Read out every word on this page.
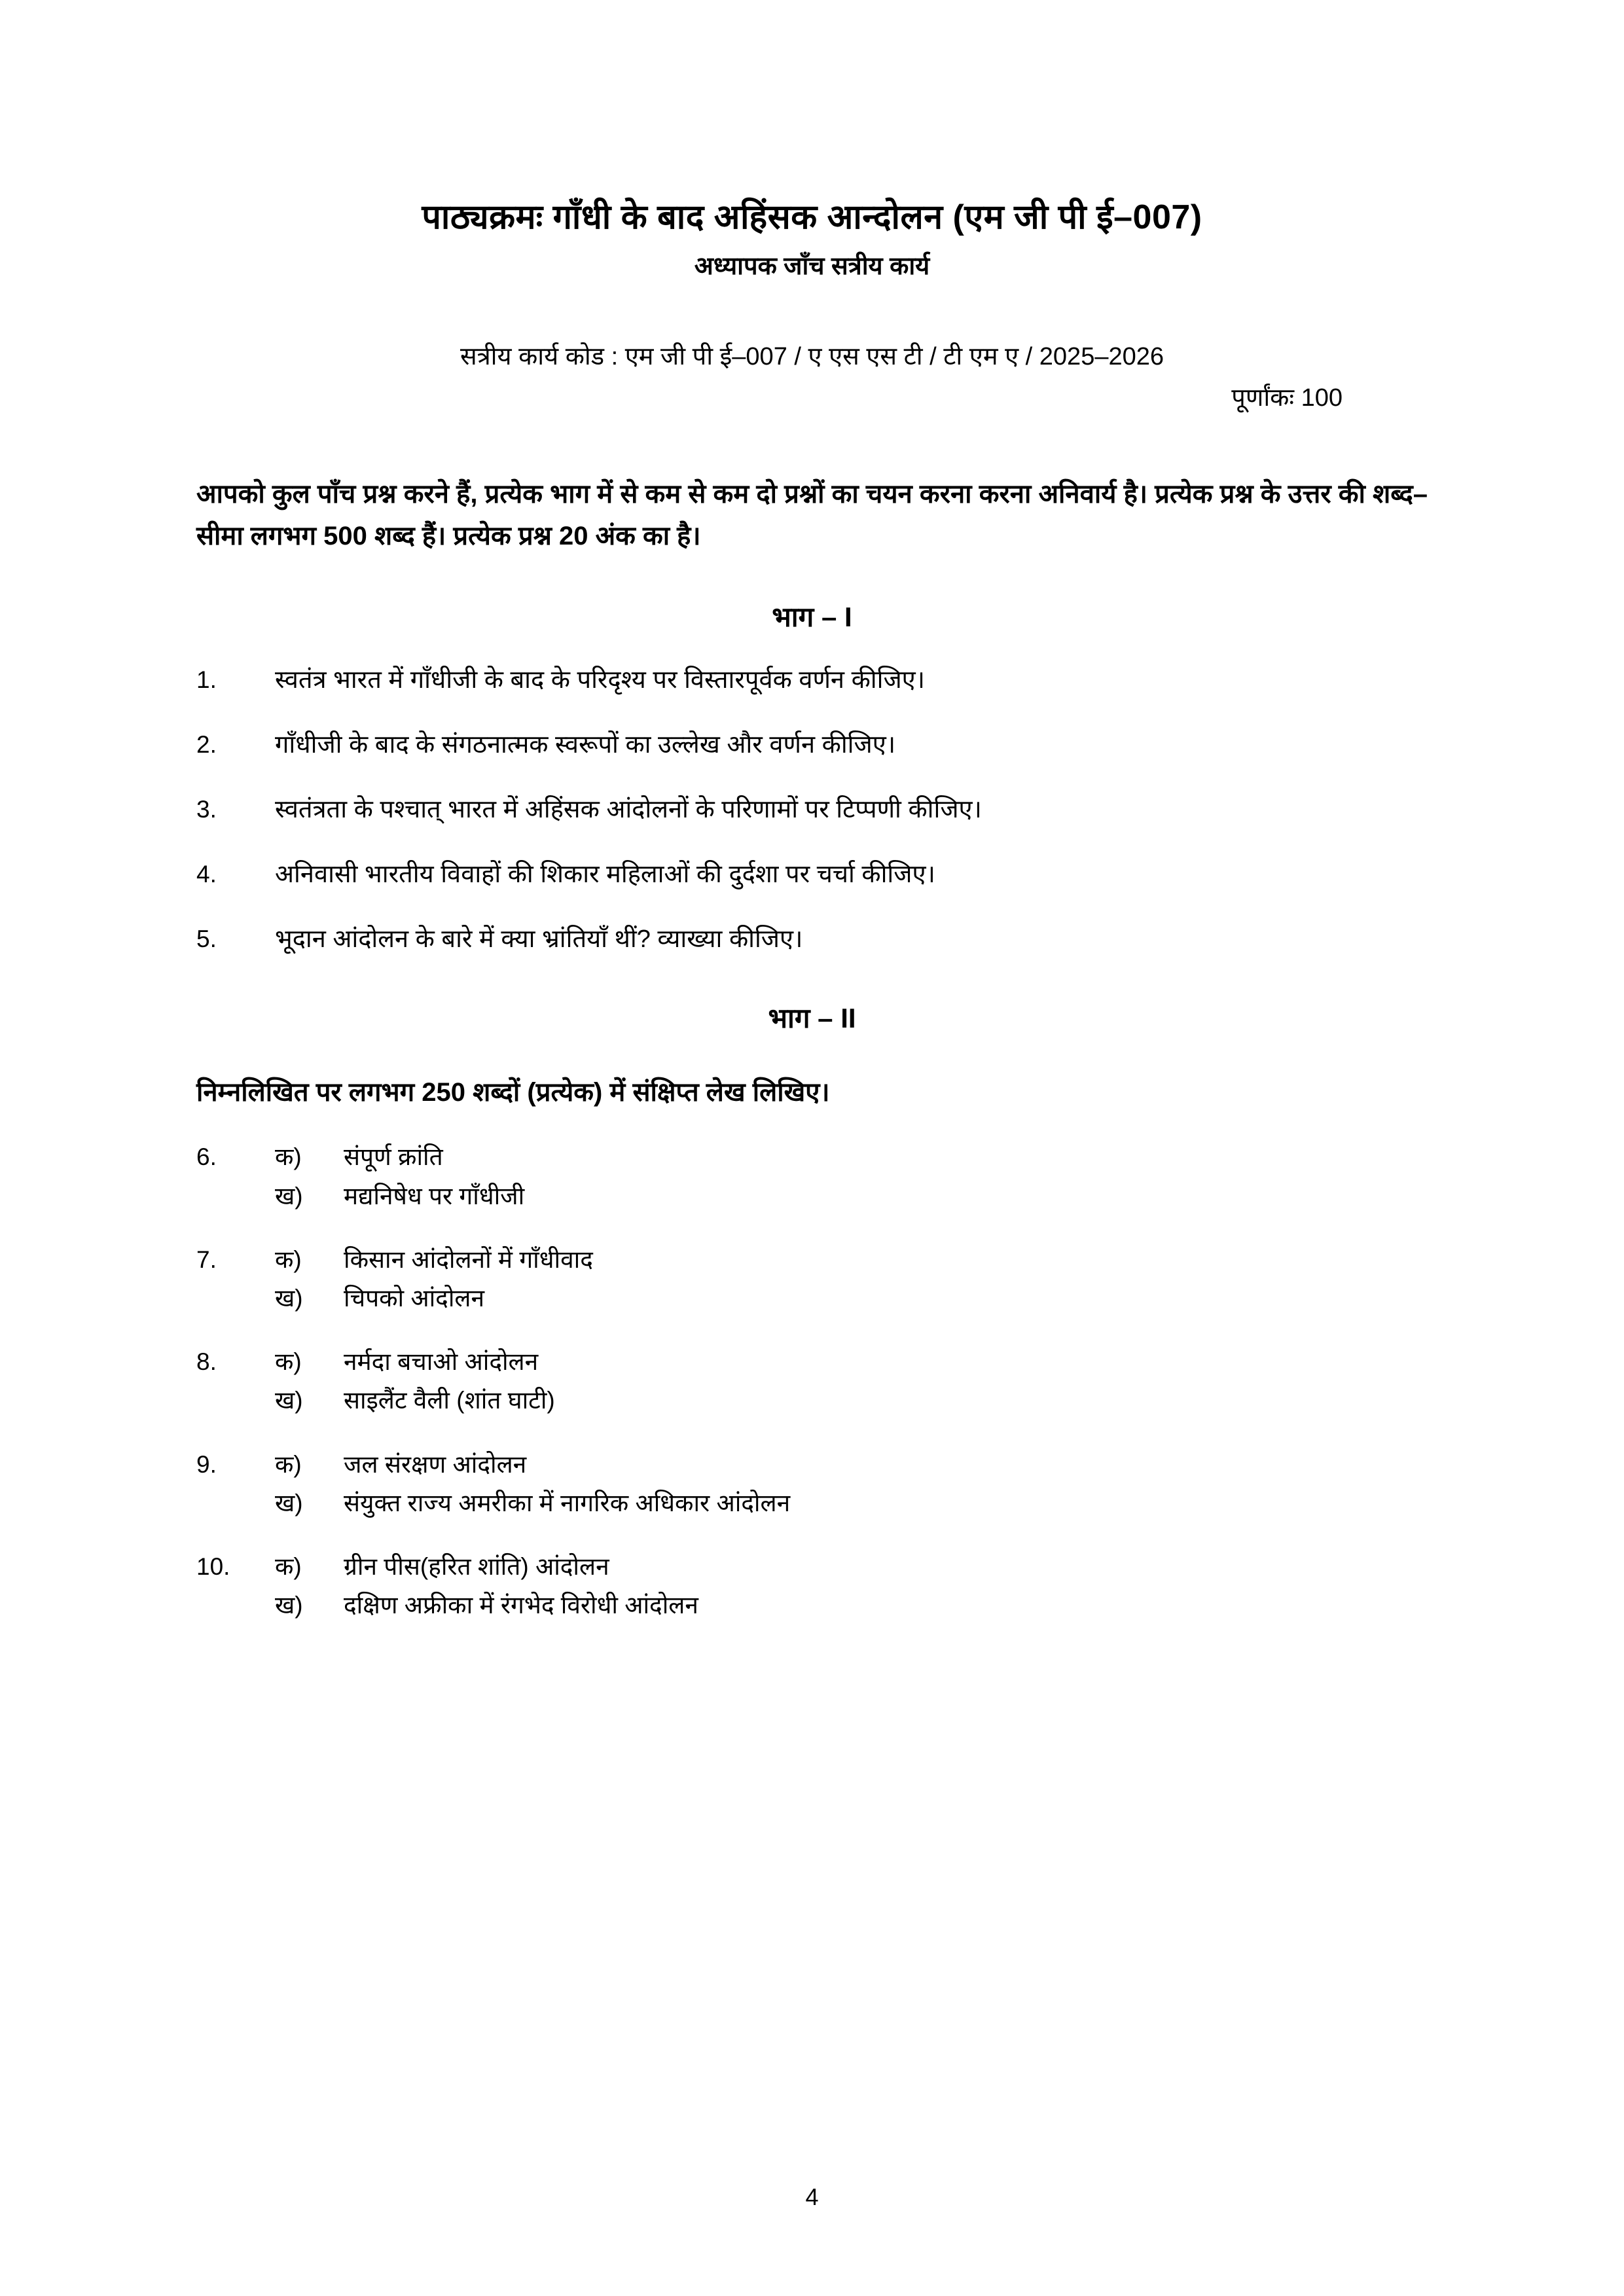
पाठ्यक्रमः गाँधी के बाद अहिंसक आन्दोलन (एम जी पी ई–007)
अध्यापक जाँच सत्रीय कार्य
सत्रीय कार्य कोड : एम जी पी ई–007 / ए एस एस टी / टी एम ए / 2025–2026
पूर्णांकः 100
आपको कुल पाँच प्रश्न करने हैं, प्रत्येक भाग में से कम से कम दो प्रश्नों का चयन करना करना अनिवार्य है। प्रत्येक प्रश्न के उत्तर की शब्द–सीमा लगभग 500 शब्द हैं। प्रत्येक प्रश्न 20 अंक का है।
भाग – I
1.	स्वतंत्र भारत में गाँधीजी के बाद के परिदृश्य पर विस्तारपूर्वक वर्णन कीजिए।
2.	गाँधीजी के बाद के संगठनात्मक स्वरूपों का उल्लेख और वर्णन कीजिए।
3.	स्वतंत्रता के पश्चात् भारत में अहिंसक आंदोलनों के परिणामों पर टिप्पणी कीजिए।
4.	अनिवासी भारतीय विवाहों की शिकार महिलाओं की दुर्दशा पर चर्चा कीजिए।
5.	भूदान आंदोलन के बारे में क्या भ्रांतियाँ थीं? व्याख्या कीजिए।
भाग – II
निम्नलिखित पर लगभग 250 शब्दों (प्रत्येक) में संक्षिप्त लेख लिखिए।
6.	क)	संपूर्ण क्रांति
ख)	मद्यनिषेध पर गाँधीजी
7.	क)	किसान आंदोलनों में गाँधीवाद
ख)	चिपको आंदोलन
8.	क)	नर्मदा बचाओ आंदोलन
ख)	साइलैंट वैली (शांत घाटी)
9.	क)	जल संरक्षण आंदोलन
ख)	संयुक्त राज्य अमरीका में नागरिक अधिकार आंदोलन
10.	क)	ग्रीन पीस(हरित शांति) आंदोलन
ख)	दक्षिण अफ्रीका में रंगभेद विरोधी आंदोलन
4
